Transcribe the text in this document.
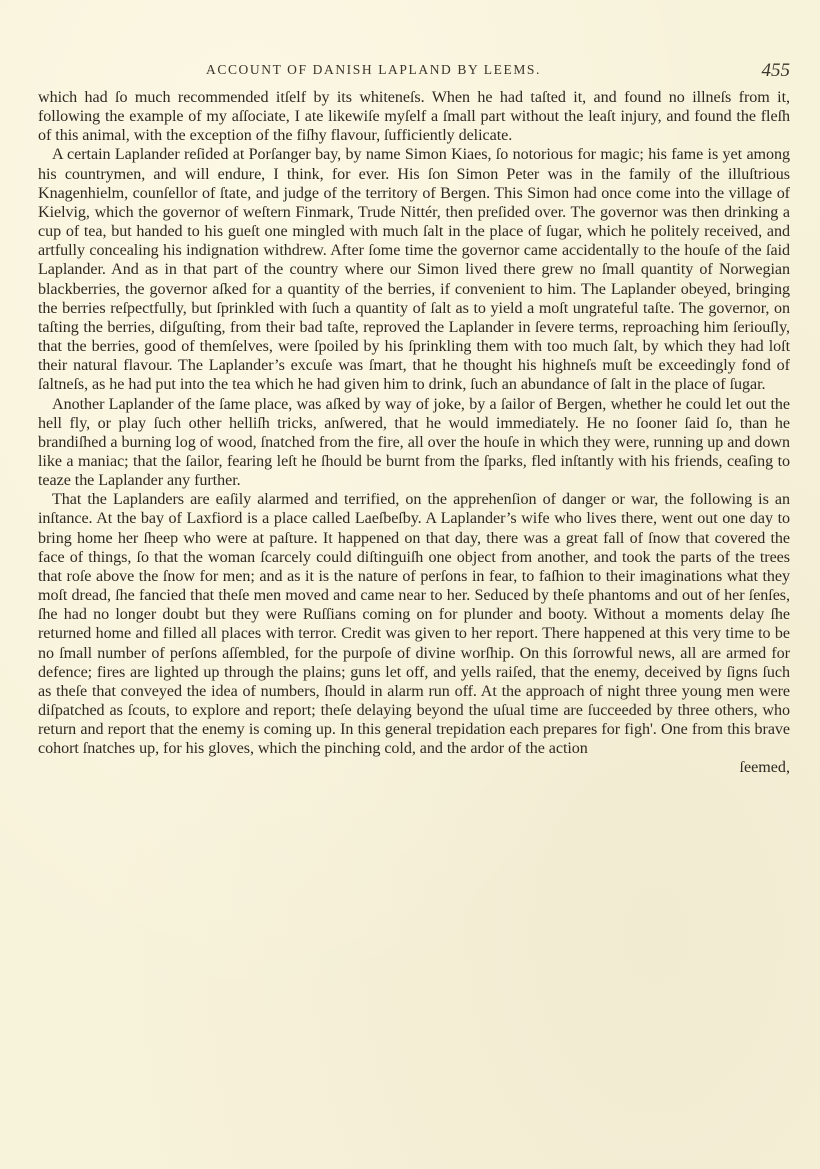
ACCOUNT OF DANISH LAPLAND BY LEEMS.	455

which had ſo much recommended itſelf by its whiteneſs. When he had taſted it, and found no illneſs from it, following the example of my aſſociate, I ate likewiſe myſelf a ſmall part without the leaſt injury, and found the fleſh of this animal, with the exception of the fiſhy flavour, ſufficiently delicate.

A certain Laplander reſided at Porſanger bay, by name Simon Kiaes, ſo notorious for magic; his fame is yet among his countrymen, and will endure, I think, for ever. His ſon Simon Peter was in the family of the illuſtrious Knagenhielm, counſellor of ſtate, and judge of the territory of Bergen. This Simon had once come into the village of Kielvig, which the governor of weſtern Finmark, Trude Nittér, then preſided over. The governor was then drinking a cup of tea, but handed to his gueſt one mingled with much ſalt in the place of ſugar, which he politely received, and artfully concealing his indignation withdrew. After ſome time the governor came accidentally to the houſe of the ſaid Laplander. And as in that part of the country where our Simon lived there grew no ſmall quantity of Norwegian blackberries, the governor aſked for a quantity of the berries, if convenient to him. The Laplander obeyed, bringing the berries reſpectfully, but ſprinkled with ſuch a quantity of ſalt as to yield a moſt ungrateful taſte. The governor, on taſting the berries, diſguſting, from their bad taſte, reproved the Laplander in ſevere terms, reproaching him ſeriouſly, that the berries, good of themſelves, were ſpoiled by his ſprinkling them with too much ſalt, by which they had loſt their natural flavour. The Laplander’s excuſe was ſmart, that he thought his highneſs muſt be exceedingly fond of ſaltneſs, as he had put into the tea which he had given him to drink, ſuch an abundance of ſalt in the place of ſugar.

Another Laplander of the ſame place, was aſked by way of joke, by a ſailor of Bergen, whether he could let out the hell fly, or play ſuch other helliſh tricks, anſwered, that he would immediately. He no ſooner ſaid ſo, than he brandiſhed a burning log of wood, ſnatched from the fire, all over the houſe in which they were, running up and down like a maniac; that the ſailor, fearing leſt he ſhould be burnt from the ſparks, fled inſtantly with his friends, ceaſing to teaze the Laplander any further.

That the Laplanders are eaſily alarmed and terrified, on the apprehenſion of danger or war, the following is an inſtance. At the bay of Laxfiord is a place called Laeſbeſby. A Laplander’s wife who lives there, went out one day to bring home her ſheep who were at paſture. It happened on that day, there was a great fall of ſnow that covered the face of things, ſo that the woman ſcarcely could diſtinguiſh one object from another, and took the parts of the trees that roſe above the ſnow for men; and as it is the nature of perſons in fear, to faſhion to their imaginations what they moſt dread, ſhe fancied that theſe men moved and came near to her. Seduced by theſe phantoms and out of her ſenſes, ſhe had no longer doubt but they were Ruſſians coming on for plunder and booty. Without a moments delay ſhe returned home and filled all places with terror. Credit was given to her report. There happened at this very time to be no ſmall number of perſons aſſembled, for the purpoſe of divine worſhip. On this ſorrowful news, all are armed for defence; fires are lighted up through the plains; guns let off, and yells raiſed, that the enemy, deceived by ſigns ſuch as theſe that conveyed the idea of numbers, ſhould in alarm run off. At the approach of night three young men were diſpatched as ſcouts, to explore and report; theſe delaying beyond the uſual time are ſucceeded by three others, who return and report that the enemy is coming up. In this general trepidation each prepares for figh'. One from this brave cohort ſnatches up, for his gloves, which the pinching cold, and the ardor of the action

ſeemed,
